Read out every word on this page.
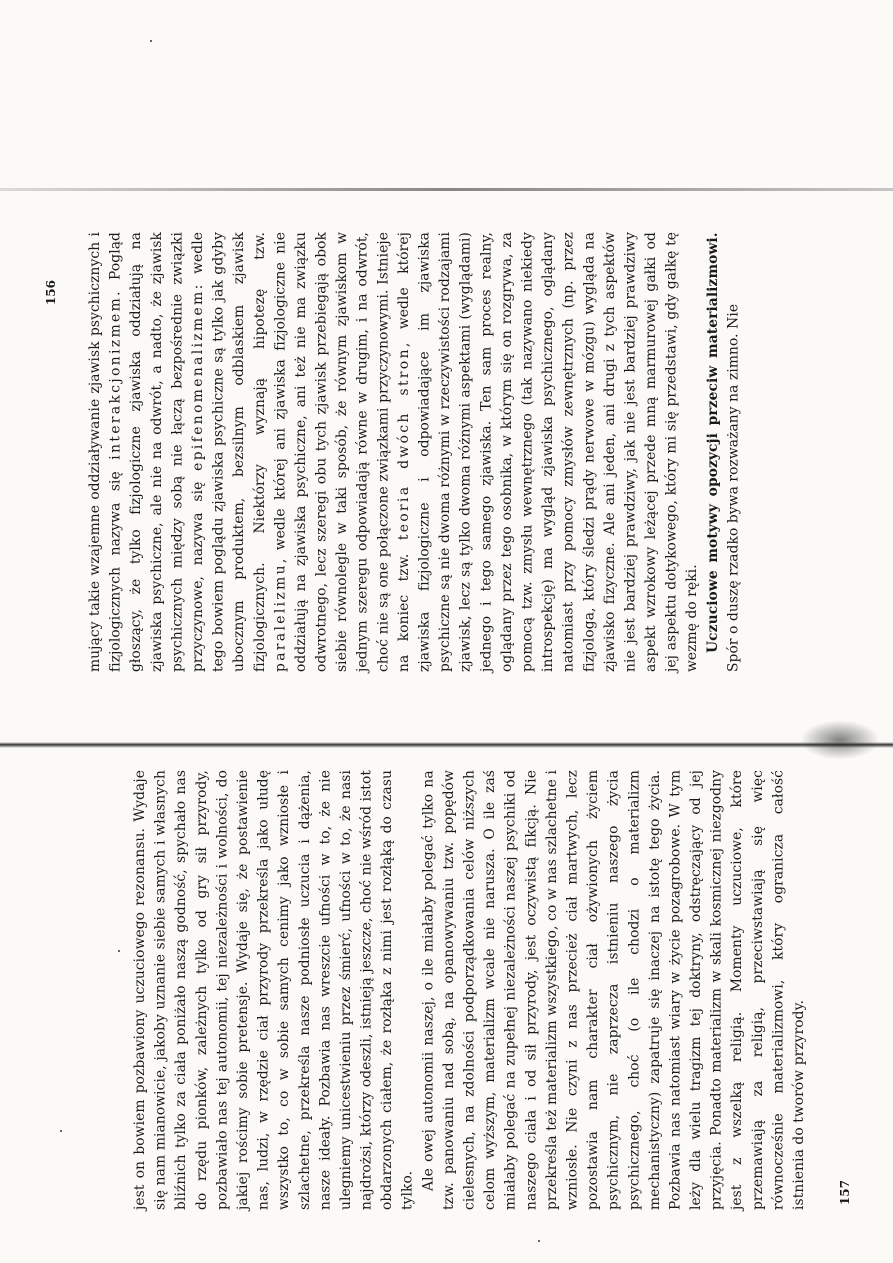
mujący takie wzajemne oddziaływanie zjawisk psychicznych i fizjologicznych nazywa się interakcjonizmem. Pogląd głoszący, że tylko fizjologiczne zjawiska oddziałują na zjawiska psychiczne, ale nie na odwrót, a nadto, że zjawisk psychicznych między sobą nie łączą bezpośrednie związki przyczynowe, nazywa się epifenomenalizmem: wedle tego bowiem poglądu zjawiska psychiczne są tylko jak gdyby ubocznym produktem, bezsilnym odblaskiem zjawisk fizjologicznych. Niektórzy wyznają hipotezę tzw. paralelizmu, wedle której ani zjawiska fizjologiczne nie oddziałują na zjawiska psychiczne, ani też nie ma związku odwrotnego, lecz szeregi obu tych zjawisk przebiegają obok siebie równolegle w taki sposób, że równym zjawiskom w jednym szeregu odpowiadają równe w drugim, i na odwrót, choć nie są one połączone związkami przyczynowymi. Istnieje na koniec tzw. teoria dwóch stron, wedle której zjawiska fizjologiczne i odpowiadające im zjawiska psychiczne są nie dwoma różnymi w rzeczywistości rodzajami zjawisk, lecz są tylko dwoma różnymi aspektami (wyglądami) jednego i tego samego zjawiska. Ten sam proces realny, oglądany przez tego osobnika, w którym się on rozgrywa, za pomocą tzw. zmysłu wewnętrznego (tak nazywano niekiedy introspekcję) ma wygląd zjawiska psychicznego, oglądany natomiast przy pomocy zmysłów zewnętrznych (np. przez fizjologa, który śledzi prądy nerwowe w mózgu) wygląda na zjawisko fizyczne. Ale ani jeden, ani drugi z tych aspektów nie jest bardziej prawdziwy, jak nie jest bardziej prawdziwy aspekt wzrokowy leżącej przede mną marmurowej gałki od jej aspektu dotykowego, który mi się przedstawi, gdy gałkę tę wezmę do ręki. Uczuciowe motywy opozycji przeciw materializmowi. Spór o duszę rzadko bywa rozważany na zimno. Nie

jest on bowiem pozbawiony uczuciowego rezonansu. Wydaje się nam mianowicie, jakoby uznanie siebie samych i własnych bliźnich tylko za ciała poniżało naszą godność, spychało nas do rzędu pionków, zależnych tylko od gry sił przyrody, pozbawiało nas tej autonomii, tej niezależności i wolności, do jakiej rościmy sobie pretensje. Wydaje się, że postawienie nas, ludzi, w rzędzie ciał przyrody przekreśla jako ułudę wszystko to, co w sobie samych cenimy jako wzniosłe i szlachetne, przekreśla nasze podniosłe uczucia i dążenia, nasze ideały. Pozbawia nas wreszcie ufności w to, że nie ulegniemy unicestwieniu przez śmierć, ufności w to, że nasi najdrożsi, którzy odeszli, istnieją jeszcze, choć nie wśród istot obdarzonych ciałem, że rozłąka z nimi jest rozłąką do czasu tylko. Ale owej autonomii naszej, o ile miałaby polegać tylko na tzw. panowaniu nad sobą, na opanowywaniu tzw. popędów cielesnych, na zdolności podporządkowania celów niższych celom wyższym, materializm wcale nie narusza. O ile zaś miałaby polegać na zupełnej niezależności naszej psychiki od naszego ciała i od sił przyrody, jest oczywistą fikcją. Nie przekreśla też materializm wszystkiego, co w nas szlachetne i wzniosłe. Nie czyni z nas przecież ciał martwych, lecz pozostawia nam charakter ciał ożywionych życiem psychicznym, nie zaprzecza istnieniu naszego życia psychicznego, choć (o ile chodzi o materializm mechanistyczny) zapatruje się inaczej na istotę tego życia. Pozbawia nas natomiast wiary w życie pozagrobowe. W tym leży dla wielu tragizm tej doktryny, odstręczający od jej przyjęcia. Ponadto materializm w skali kosmicznej niezgodny jest z wszelką religią. Momenty uczuciowe, które przemawiają za religią, przeciwstawiają się więc równocześnie materializmowi, który ogranicza całość istnienia do tworów przyrody.

156
157
